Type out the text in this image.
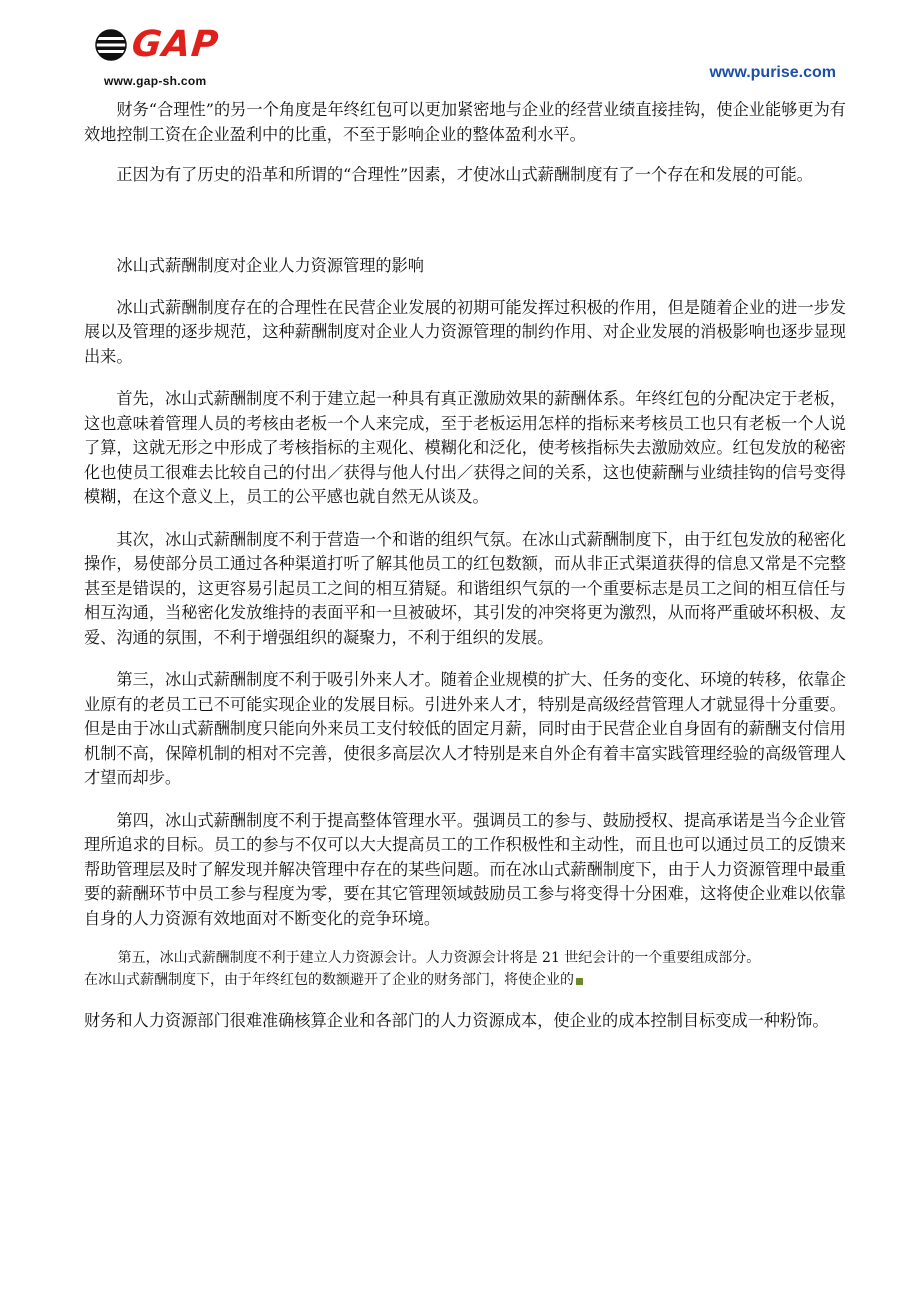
GAP
www.gap-sh.com	www.purise.com

财务“合理性”的另一个角度是年终红包可以更加紧密地与企业的经营业绩直接挂钩，使企业能够更为有效地控制工资在企业盈利中的比重，不至于影响企业的整体盈利水平。

正因为有了历史的沿革和所谓的“合理性”因素，才使冰山式薪酬制度有了一个存在和发展的可能。

冰山式薪酬制度对企业人力资源管理的影响

冰山式薪酬制度存在的合理性在民营企业发展的初期可能发挥过积极的作用，但是随着企业的进一步发展以及管理的逐步规范，这种薪酬制度对企业人力资源管理的制约作用、对企业发展的消极影响也逐步显现出来。

首先，冰山式薪酬制度不利于建立起一种具有真正激励效果的薪酬体系。年终红包的分配决定于老板，这也意味着管理人员的考核由老板一个人来完成，至于老板运用怎样的指标来考核员工也只有老板一个人说了算，这就无形之中形成了考核指标的主观化、模糊化和泛化，使考核指标失去激励效应。红包发放的秘密化也使员工很难去比较自己的付出／获得与他人付出／获得之间的关系，这也使薪酬与业绩挂钩的信号变得模糊，在这个意义上，员工的公平感也就自然无从谈及。

其次，冰山式薪酬制度不利于营造一个和谐的组织气氛。在冰山式薪酬制度下，由于红包发放的秘密化操作，易使部分员工通过各种渠道打听了解其他员工的红包数额，而从非正式渠道获得的信息又常是不完整甚至是错误的，这更容易引起员工之间的相互猜疑。和谐组织气氛的一个重要标志是员工之间的相互信任与相互沟通，当秘密化发放维持的表面平和一旦被破坏，其引发的冲突将更为激烈，从而将严重破坏积极、友爱、沟通的氛围，不利于增强组织的凝聚力，不利于组织的发展。

第三，冰山式薪酬制度不利于吸引外来人才。随着企业规模的扩大、任务的变化、环境的转移，依靠企业原有的老员工已不可能实现企业的发展目标。引进外来人才，特别是高级经营管理人才就显得十分重要。但是由于冰山式薪酬制度只能向外来员工支付较低的固定月薪，同时由于民营企业自身固有的薪酬支付信用机制不高，保障机制的相对不完善，使很多高层次人才特别是来自外企有着丰富实践管理经验的高级管理人才望而却步。

第四，冰山式薪酬制度不利于提高整体管理水平。强调员工的参与、鼓励授权、提高承诺是当今企业管理所追求的目标。员工的参与不仅可以大大提高员工的工作积极性和主动性，而且也可以通过员工的反馈来帮助管理层及时了解发现并解决管理中存在的某些问题。而在冰山式薪酬制度下，由于人力资源管理中最重要的薪酬环节中员工参与程度为零，要在其它管理领域鼓励员工参与将变得十分困难，这将使企业难以依靠自身的人力资源有效地面对不断变化的竞争环境。

第五，冰山式薪酬制度不利于建立人力资源会计。人力资源会计将是 21 世纪会计的一个重要组成部分。

在冰山式薪酬制度下，由于年终红包的数额避开了企业的财务部门，将使企业的

财务和人力资源部门很难准确核算企业和各部门的人力资源成本，使企业的成本控制目标变成一种粉饰。
